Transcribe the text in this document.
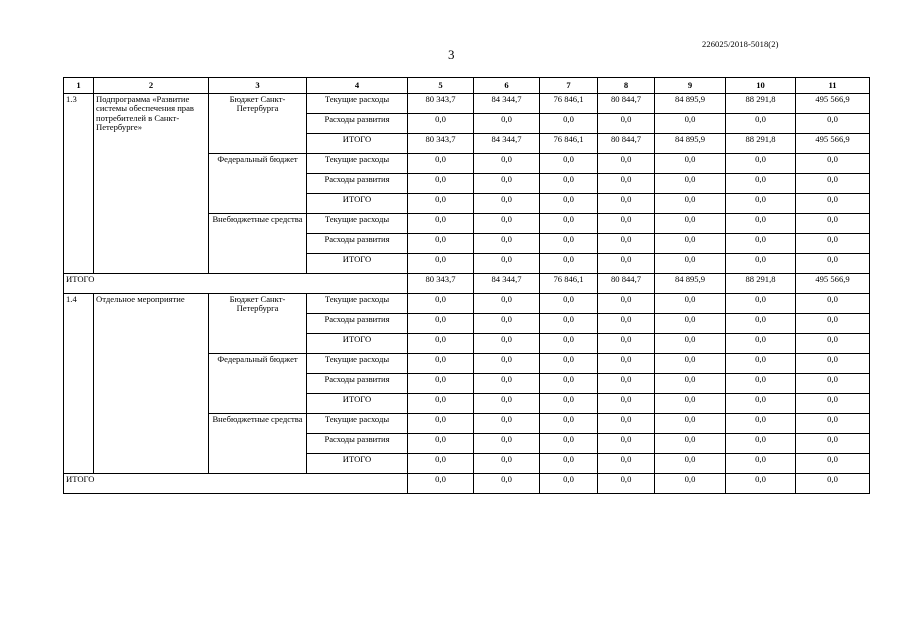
226025/2018-5018(2)
3
1	2	3	4	5	6	7	8	9	10	11
1.3	Подпрограмма «Развитие системы обеспечения прав потребителей в Санкт-Петербурге»	Бюджет Санкт-Петербурга	Текущие расходы	80 343,7	84 344,7	76 846,1	80 844,7	84 895,9	88 291,8	495 566,9
			Расходы развития	0,0	0,0	0,0	0,0	0,0	0,0	0,0
			ИТОГО	80 343,7	84 344,7	76 846,1	80 844,7	84 895,9	88 291,8	495 566,9
		Федеральный бюджет	Текущие расходы	0,0	0,0	0,0	0,0	0,0	0,0	0,0
			Расходы развития	0,0	0,0	0,0	0,0	0,0	0,0	0,0
			ИТОГО	0,0	0,0	0,0	0,0	0,0	0,0	0,0
		Внебюджетные средства	Текущие расходы	0,0	0,0	0,0	0,0	0,0	0,0	0,0
			Расходы развития	0,0	0,0	0,0	0,0	0,0	0,0	0,0
			ИТОГО	0,0	0,0	0,0	0,0	0,0	0,0	0,0
ИТОГО				80 343,7	84 344,7	76 846,1	80 844,7	84 895,9	88 291,8	495 566,9
1.4	Отдельное мероприятие	Бюджет Санкт-Петербурга	Текущие расходы	0,0	0,0	0,0	0,0	0,0	0,0	0,0
			Расходы развития	0,0	0,0	0,0	0,0	0,0	0,0	0,0
			ИТОГО	0,0	0,0	0,0	0,0	0,0	0,0	0,0
		Федеральный бюджет	Текущие расходы	0,0	0,0	0,0	0,0	0,0	0,0	0,0
			Расходы развития	0,0	0,0	0,0	0,0	0,0	0,0	0,0
			ИТОГО	0,0	0,0	0,0	0,0	0,0	0,0	0,0
		Внебюджетные средства	Текущие расходы	0,0	0,0	0,0	0,0	0,0	0,0	0,0
			Расходы развития	0,0	0,0	0,0	0,0	0,0	0,0	0,0
			ИТОГО	0,0	0,0	0,0	0,0	0,0	0,0	0,0
ИТОГО				0,0	0,0	0,0	0,0	0,0	0,0	0,0
